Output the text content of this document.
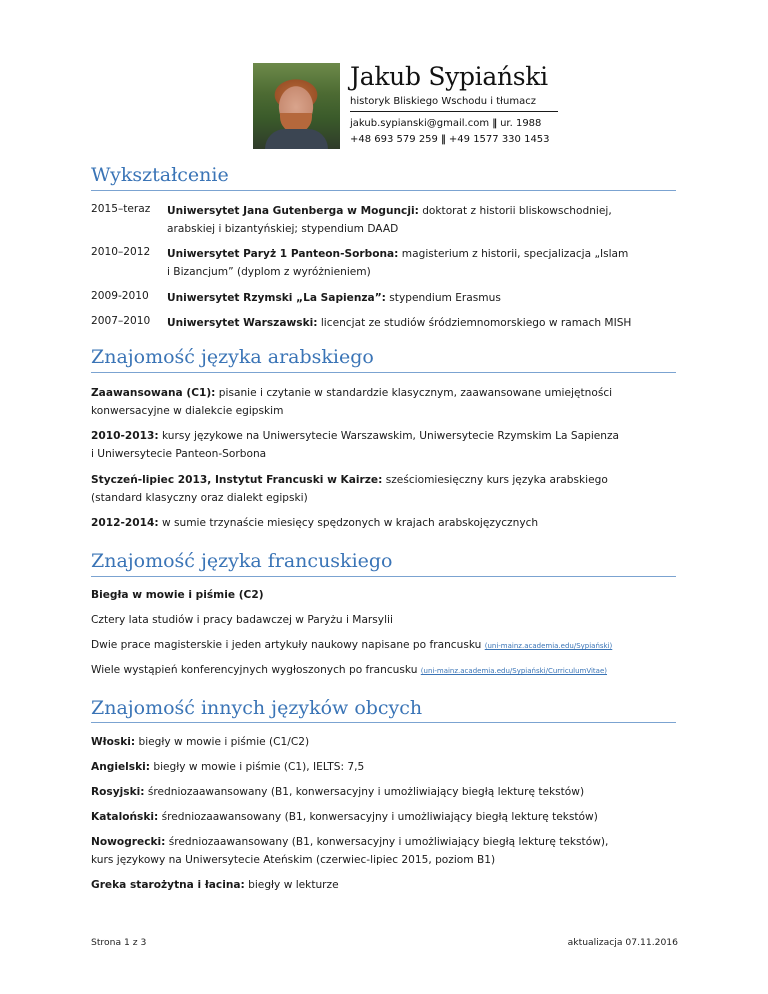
Jakub Sypiański
historyk Bliskiego Wschodu i tłumacz
jakub.sypianski@gmail.com ‖ ur. 1988
+48 693 579 259 ‖ +49 1577 330 1453
Wykształcenie
2015–teraz Uniwersytet Jana Gutenberga w Moguncji: doktorat z historii bliskowschodniej,
arabskiej i bizantyńskiej; stypendium DAAD
2010–2012 Uniwersytet Paryż 1 Panteon-Sorbona: magisterium z historii, specjalizacja „Islam
i Bizancjum” (dyplom z wyróżnieniem)
2009-2010 Uniwersytet Rzymski „La Sapienza”: stypendium Erasmus
2007–2010 Uniwersytet Warszawski: licencjat ze studiów śródziemnomorskiego w ramach MISH
Znajomość języka arabskiego
Zaawansowana (C1): pisanie i czytanie w standardzie klasycznym, zaawansowane umiejętności
konwersacyjne w dialekcie egipskim
2010-2013: kursy językowe na Uniwersytecie Warszawskim, Uniwersytecie Rzymskim La Sapienza
i Uniwersytecie Panteon-Sorbona
Styczeń-lipiec 2013, Instytut Francuski w Kairze: sześciomiesięczny kurs języka arabskiego
(standard klasyczny oraz dialekt egipski)
2012-2014: w sumie trzynaście miesięcy spędzonych w krajach arabskojęzycznych
Znajomość języka francuskiego
Biegła w mowie i piśmie (C2)
Cztery lata studiów i pracy badawczej w Paryżu i Marsylii
Dwie prace magisterskie i jeden artykuły naukowy napisane po francusku (uni-mainz.academia.edu/Sypiański)
Wiele wystąpień konferencyjnych wygłoszonych po francusku (uni-mainz.academia.edu/Sypiański/CurriculumVitae)
Znajomość innych języków obcych
Włoski: biegły w mowie i piśmie (C1/C2)
Angielski: biegły w mowie i piśmie (C1), IELTS: 7,5
Rosyjski: średniozaawansowany (B1, konwersacyjny i umożliwiający biegłą lekturę tekstów)
Kataloński: średniozaawansowany (B1, konwersacyjny i umożliwiający biegłą lekturę tekstów)
Nowogrecki: średniozaawansowany (B1, konwersacyjny i umożliwiający biegłą lekturę tekstów),
kurs językowy na Uniwersytecie Ateńskim (czerwiec-lipiec 2015, poziom B1)
Greka starożytna i łacina: biegły w lekturze
Strona 1 z 3	aktualizacja 07.11.2016
